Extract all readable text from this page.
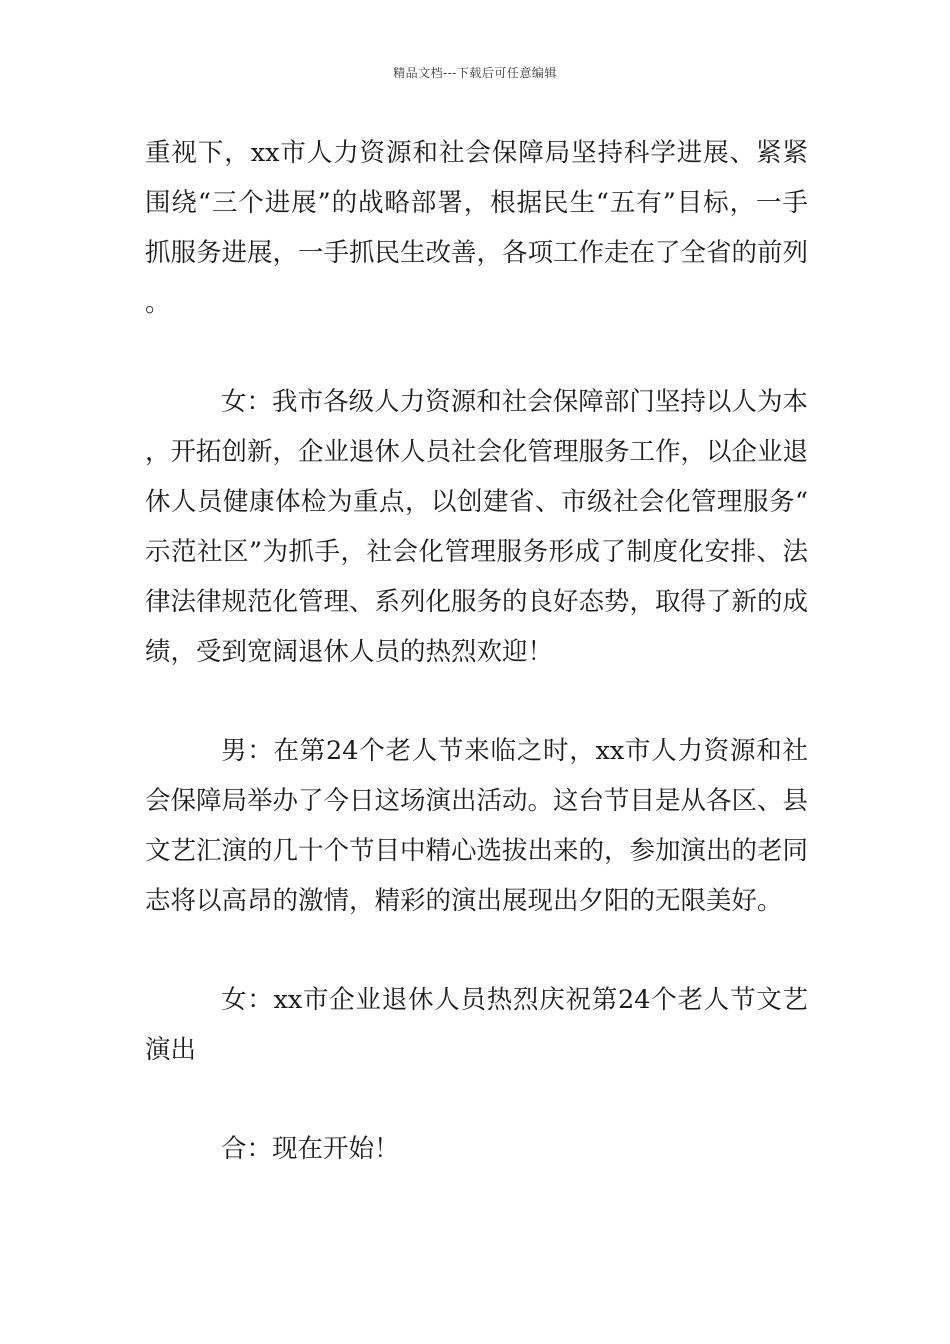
精品文档---下载后可任意编辑

重视下，xx市人力资源和社会保障局坚持科学进展、紧紧围绕“三个进展”的战略部署，根据民生“五有”目标，一手抓服务进展，一手抓民生改善，各项工作走在了全省的前列。

女：我市各级人力资源和社会保障部门坚持以人为本，开拓创新，企业退休人员社会化管理服务工作，以企业退休人员健康体检为重点，以创建省、市级社会化管理服务“示范社区”为抓手，社会化管理服务形成了制度化安排、法律法律规范化管理、系列化服务的良好态势，取得了新的成绩，受到宽阔退休人员的热烈欢迎！

男：在第24个老人节来临之时，xx市人力资源和社会保障局举办了今日这场演出活动。这台节目是从各区、县文艺汇演的几十个节目中精心选拔出来的，参加演出的老同志将以高昂的激情，精彩的演出展现出夕阳的无限美好。

女：xx市企业退休人员热烈庆祝第24个老人节文艺演出

合：现在开始！
